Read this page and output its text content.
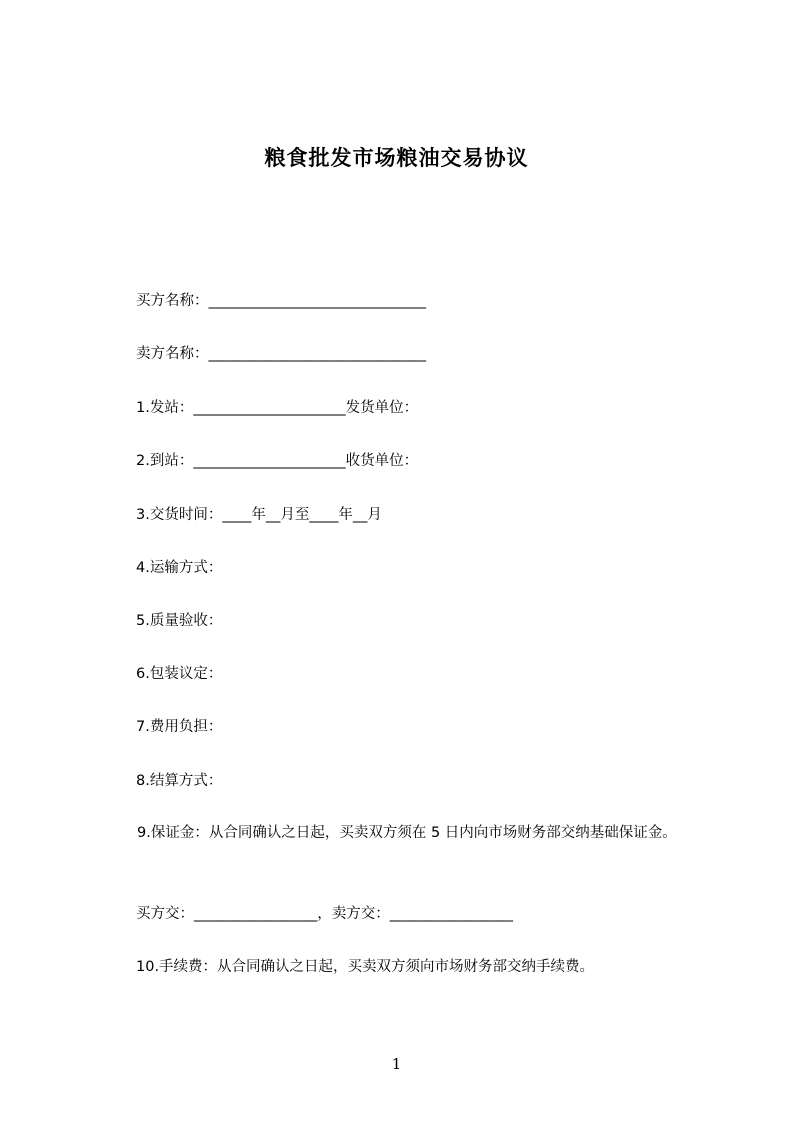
粮食批发市场粮油交易协议
买方名称：______________________________
卖方名称：______________________________
1.发站：_____________________发货单位：
2.到站：_____________________收货单位：
3.交货时间：____年__月至____年__月
4.运输方式：
5.质量验收：
6.包装议定：
7.费用负担：
8.结算方式：
9.保证金：从合同确认之日起，买卖双方须在 5 日内向市场财务部交纳基础保证金。
买方交：_________________，卖方交：_________________
10.手续费：从合同确认之日起，买卖双方须向市场财务部交纳手续费。
1
